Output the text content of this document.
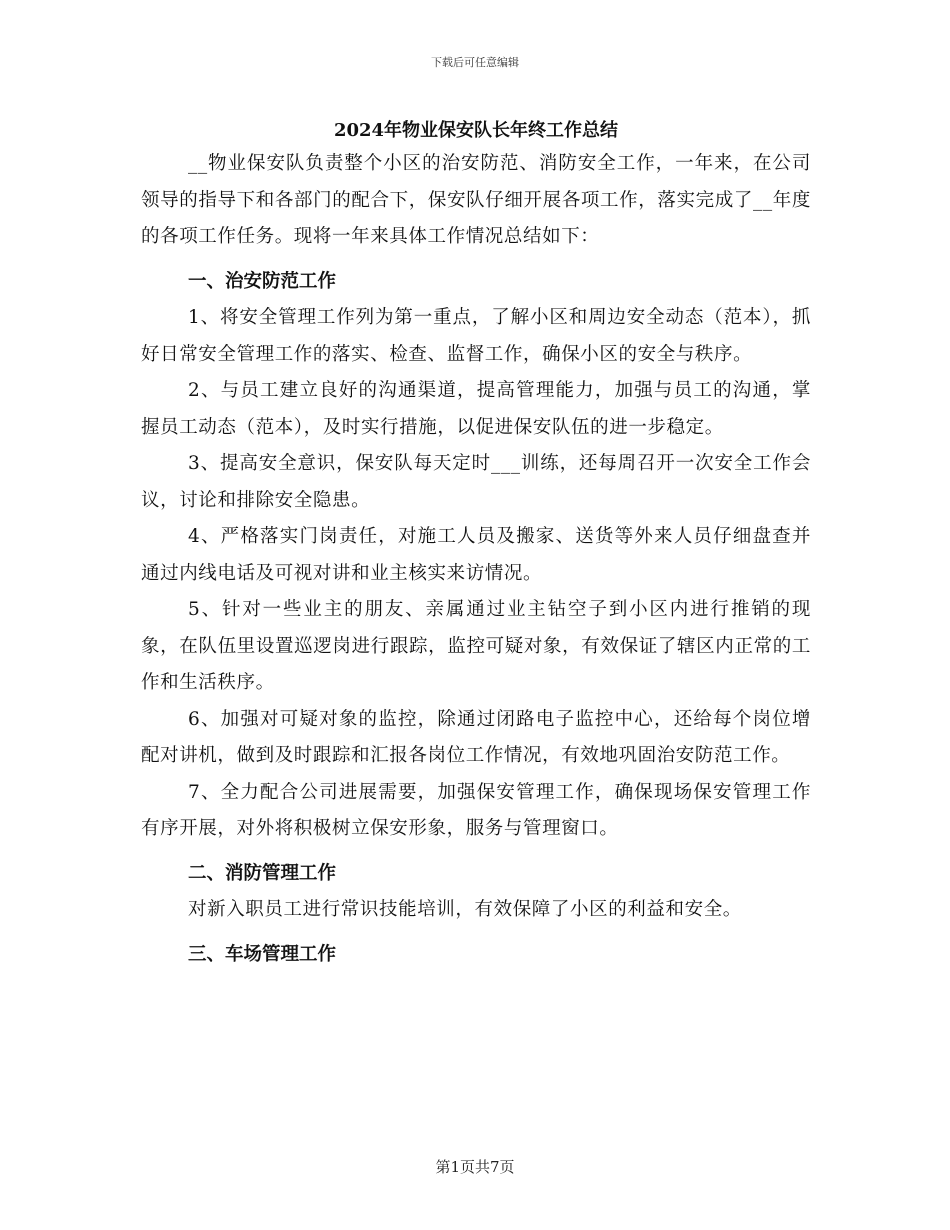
下载后可任意编辑
2024年物业保安队长年终工作总结

__物业保安队负责整个小区的治安防范、消防安全工作，一年来，在公司领导的指导下和各部门的配合下，保安队仔细开展各项工作，落实完成了__年度的各项工作任务。现将一年来具体工作情况总结如下：

一、治安防范工作

1、将安全管理工作列为第一重点，了解小区和周边安全动态（范本），抓好日常安全管理工作的落实、检查、监督工作，确保小区的安全与秩序。

2、与员工建立良好的沟通渠道，提高管理能力，加强与员工的沟通，掌握员工动态（范本），及时实行措施，以促进保安队伍的进一步稳定。

3、提高安全意识，保安队每天定时___训练，还每周召开一次安全工作会议，讨论和排除安全隐患。

4、严格落实门岗责任，对施工人员及搬家、送货等外来人员仔细盘查并通过内线电话及可视对讲和业主核实来访情况。

5、针对一些业主的朋友、亲属通过业主钻空子到小区内进行推销的现象，在队伍里设置巡逻岗进行跟踪，监控可疑对象，有效保证了辖区内正常的工作和生活秩序。

6、加强对可疑对象的监控，除通过闭路电子监控中心，还给每个岗位增配对讲机，做到及时跟踪和汇报各岗位工作情况，有效地巩固治安防范工作。

7、全力配合公司进展需要，加强保安管理工作，确保现场保安管理工作有序开展，对外将积极树立保安形象，服务与管理窗口。

二、消防管理工作

对新入职员工进行常识技能培训，有效保障了小区的利益和安全。

三、车场管理工作
第1页共7页
